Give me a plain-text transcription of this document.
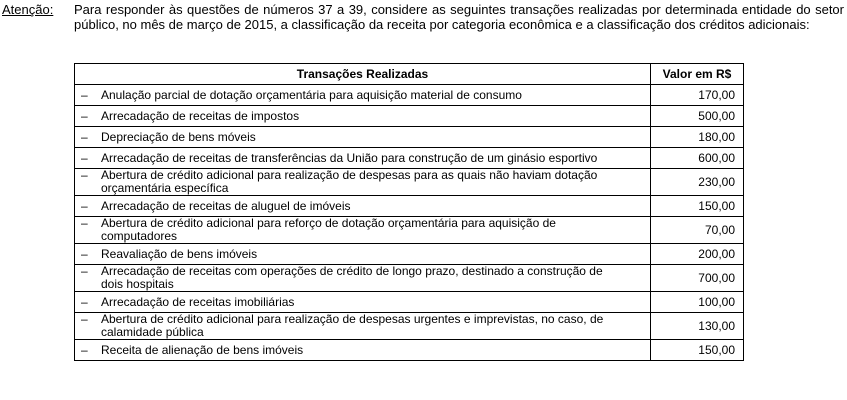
Atenção: Para responder às questões de números 37 a 39, considere as seguintes transações realizadas por determinada entidade do setor público, no mês de março de 2015, a classificação da receita por categoria econômica e a classificação dos créditos adicionais:
Transações Realizadas	Valor em R$

– Anulação parcial de dotação orçamentária para aquisição material de consumo	170,00

– Arrecadação de receitas de impostos	500,00

– Depreciação de bens móveis	180,00

– Arrecadação de receitas de transferências da União para construção de um ginásio esportivo	600,00

– Abertura de crédito adicional para realização de despesas para as quais não haviam dotação orçamentária específica	230,00

– Arrecadação de receitas de aluguel de imóveis	150,00

– Abertura de crédito adicional para reforço de dotação orçamentária para aquisição de computadores	70,00

– Reavaliação de bens imóveis	200,00

– Arrecadação de receitas com operações de crédito de longo prazo, destinado a construção de dois hospitais	700,00

– Arrecadação de receitas imobiliárias	100,00

– Abertura de crédito adicional para realização de despesas urgentes e imprevistas, no caso, de calamidade pública	130,00

– Receita de alienação de bens imóveis	150,00
